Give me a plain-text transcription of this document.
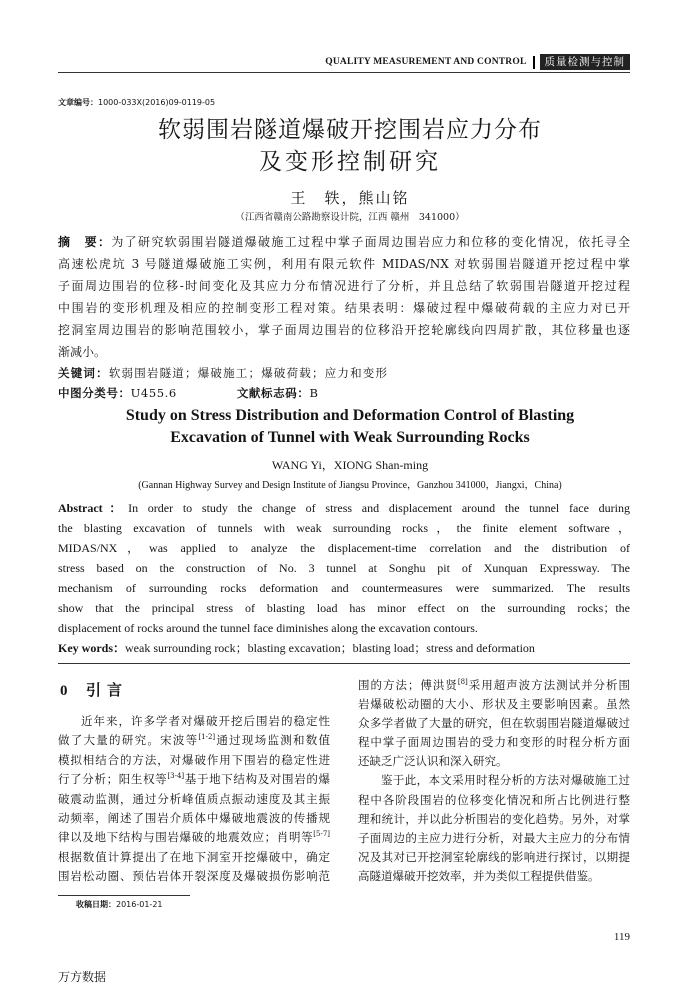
QUALITY MEASUREMENT AND CONTROL	质量检测与控制
文章编号：1000-033X(2016)09-0119-05
软弱围岩隧道爆破开挖围岩应力分布
及变形控制研究
王　轶，熊山铭
（江西省赣南公路勘察设计院，江西 赣州　341000）
摘　要：为了研究软弱围岩隧道爆破施工过程中掌子面周边围岩应力和位移的变化情况，依托寻全
高速松虎坑 3 号隧道爆破施工实例，利用有限元软件 MIDAS/NX 对软弱围岩隧道开挖过程中掌
子面周边围岩的位移-时间变化及其应力分布情况进行了分析，并且总结了软弱围岩隧道开挖过程
中围岩的变形机理及相应的控制变形工程对策。结果表明：爆破过程中爆破荷载的主应力对已开
挖洞室周边围岩的影响范围较小，掌子面周边围岩的位移沿开挖轮廓线向四周扩散，其位移量也逐
渐减小。
关键词：软弱围岩隧道；爆破施工；爆破荷载；应力和变形
中图分类号：U455.6	文献标志码：B
Study on Stress Distribution and Deformation Control of Blasting
Excavation of Tunnel with Weak Surrounding Rocks
WANG Yi，XIONG Shan-ming
(Gannan Highway Survey and Design Institute of Jiangsu Province，Ganzhou 341000，Jiangxi，China)
Abstract：In order to study the change of stress and displacement around the tunnel face during
the blasting excavation of tunnels with weak surrounding rocks，the finite element software，
MIDAS/NX，was applied to analyze the displacement-time correlation and the distribution of
stress based on the construction of No. 3 tunnel at Songhu pit of Xunquan Expressway. The
mechanism of surrounding rocks deformation and countermeasures were summarized. The results
show that the principal stress of blasting load has minor effect on the surrounding rocks；the
displacement of rocks around the tunnel face diminishes along the excavation contours.
Key words：weak surrounding rock；blasting excavation；blasting load；stress and deformation
0 引言
近年来，许多学者对爆破开挖后围岩的稳定性
做了大量的研究。宋波等[1-2]通过现场监测和数值
模拟相结合的方法，对爆破作用下围岩的稳定性进
行了分析；阳生权等[3-4]基于地下结构及对围岩的爆
破震动监测，通过分析峰值质点振动速度及其主振
动频率，阐述了围岩介质体中爆破地震波的传播规
律以及地下结构与围岩爆破的地震效应；肖明等[5-7]
根据数值计算提出了在地下洞室开挖爆破中，确定
围岩松动圈、预估岩体开裂深度及爆破损伤影响范
围的方法；傅洪贤[8]采用超声波方法测试并分析围
岩爆破松动圈的大小、形状及主要影响因素。虽然
众多学者做了大量的研究，但在软弱围岩隧道爆破过
程中掌子面周边围岩的受力和变形的时程分析方面
还缺乏广泛认识和深入研究。
鉴于此，本文采用时程分析的方法对爆破施工过
程中各阶段围岩的位移变化情况和所占比例进行整
理和统计，并以此分析围岩的变化趋势。另外，对掌
子面周边的主应力进行分析，对最大主应力的分布情
况及其对已开挖洞室轮廓线的影响进行探讨，以期提
高隧道爆破开挖效率，并为类似工程提供借鉴。
收稿日期：2016-01-21
119
万方数据
